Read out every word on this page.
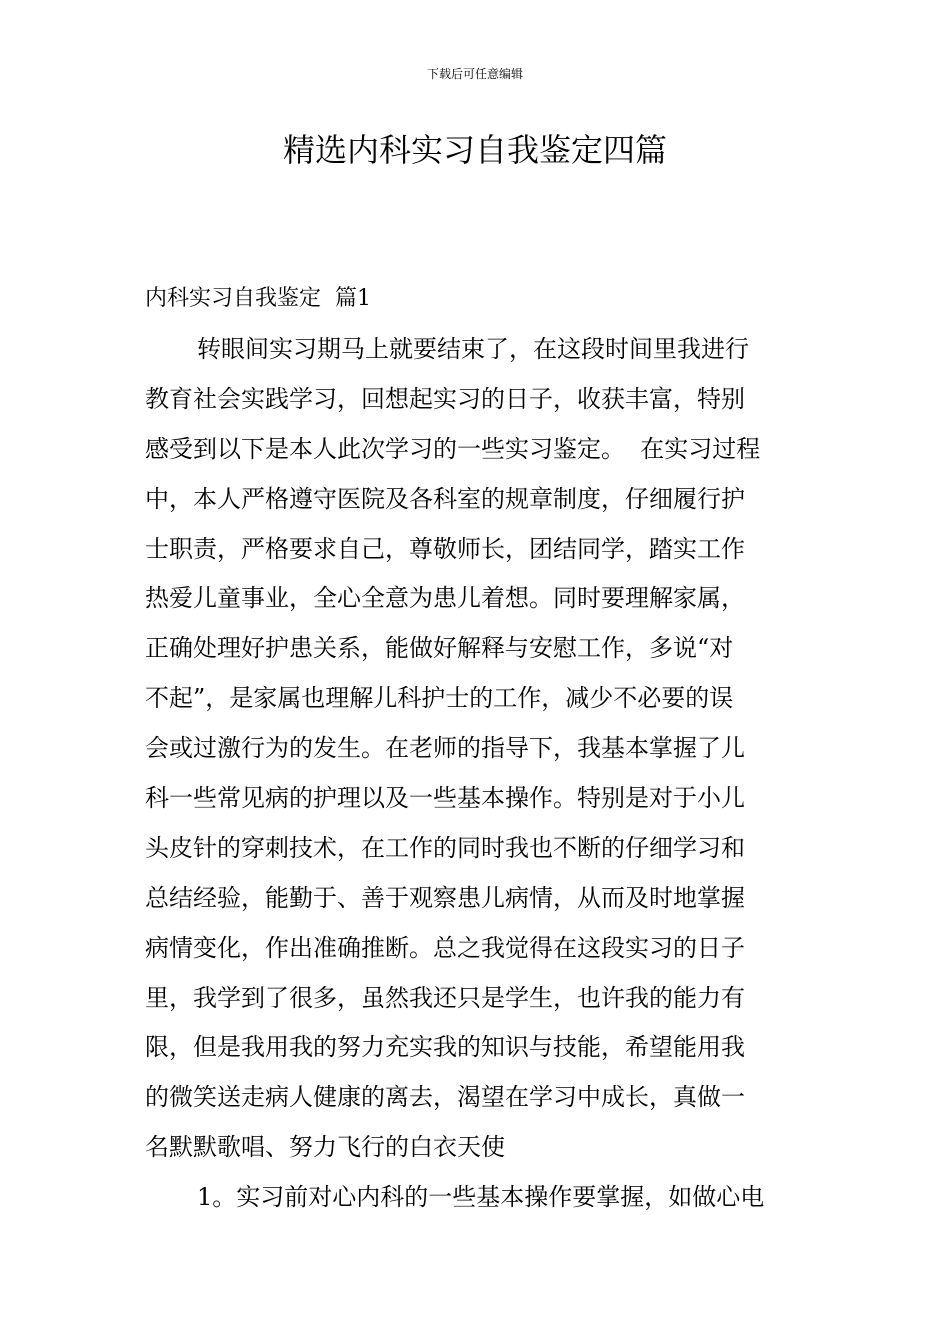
下载后可任意编辑
精选内科实习自我鉴定四篇
内科实习自我鉴定  篇1
转眼间实习期马上就要结束了，在这段时间里我进行
教育社会实践学习，回想起实习的日子，收获丰富，特别
感受到以下是本人此次学习的一些实习鉴定。  在实习过程
中，本人严格遵守医院及各科室的规章制度，仔细履行护
士职责，严格要求自己，尊敬师长，团结同学，踏实工作
热爱儿童事业，全心全意为患儿着想。同时要理解家属，
正确处理好护患关系，能做好解释与安慰工作，多说“对
不起”，是家属也理解儿科护士的工作，减少不必要的误
会或过激行为的发生。在老师的指导下，我基本掌握了儿
科一些常见病的护理以及一些基本操作。特别是对于小儿
头皮针的穿刺技术，在工作的同时我也不断的仔细学习和
总结经验，能勤于、善于观察患儿病情，从而及时地掌握
病情变化，作出准确推断。总之我觉得在这段实习的日子
里，我学到了很多，虽然我还只是学生，也许我的能力有
限，但是我用我的努力充实我的知识与技能，希望能用我
的微笑送走病人健康的离去，渴望在学习中成长，真做一
名默默歌唱、努力飞行的白衣天使
1。实习前对心内科的一些基本操作要掌握，如做心电
